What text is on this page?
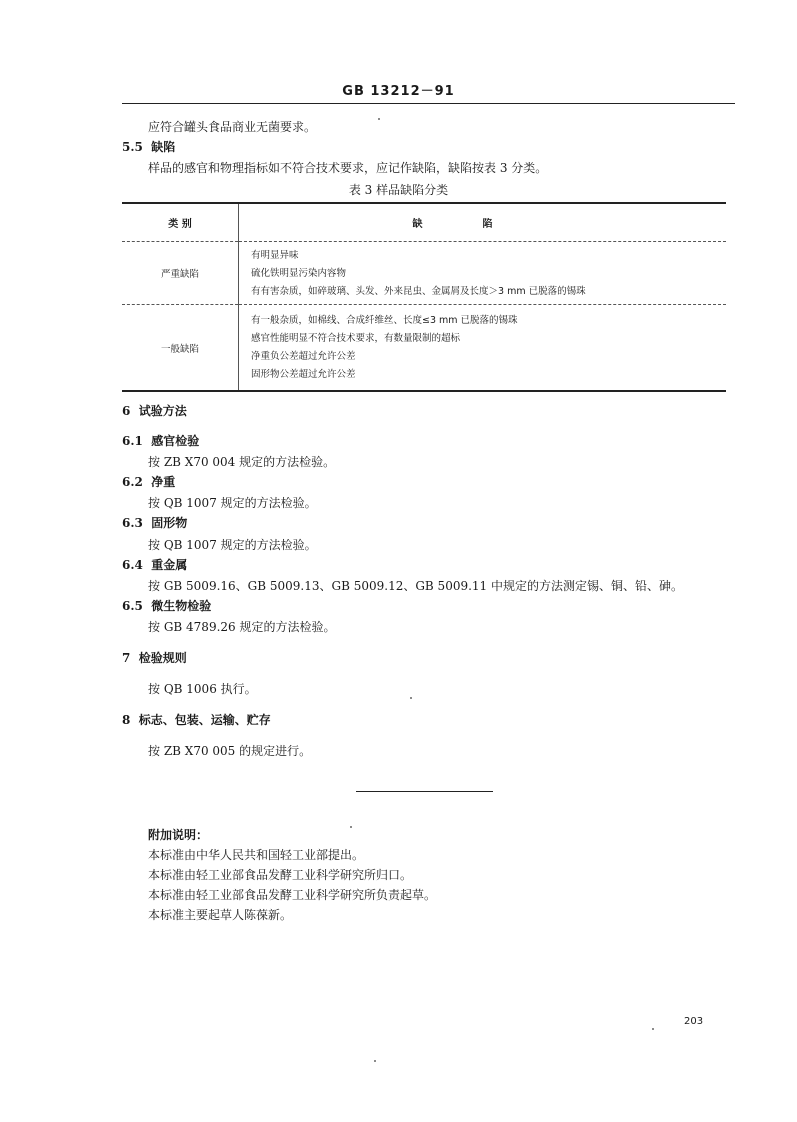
GB 13212－91
应符合罐头食品商业无菌要求。
5.5 缺陷
样品的感官和物理指标如不符合技术要求，应记作缺陷，缺陷按表 3 分类。
表 3 样品缺陷分类
类 别	缺陷
严重缺陷	有明显异味
硫化铁明显污染内容物
有有害杂质，如碎玻璃、头发、外来昆虫、金属屑及长度＞3 mm 已脱落的锡珠

一般缺陷	有一般杂质，如棉线、合成纤维丝、长度≤3 mm 已脱落的锡珠
感官性能明显不符合技术要求，有数量限制的超标
净重负公差超过允许公差
固形物公差超过允许公差
6 试验方法
6.1 感官检验
按 ZB X70 004 规定的方法检验。
6.2 净重
按 QB 1007 规定的方法检验。
6.3 固形物
按 QB 1007 规定的方法检验。
6.4 重金属
按 GB 5009.16、GB 5009.13、GB 5009.12、GB 5009.11 中规定的方法测定锡、铜、铅、砷。
6.5 微生物检验
按 GB 4789.26 规定的方法检验。
7 检验规则
按 QB 1006 执行。
8 标志、包装、运输、贮存
按 ZB X70 005 的规定进行。
附加说明：
本标准由中华人民共和国轻工业部提出。
本标准由轻工业部食品发酵工业科学研究所归口。
本标准由轻工业部食品发酵工业科学研究所负责起草。
本标准主要起草人陈葆新。
203
